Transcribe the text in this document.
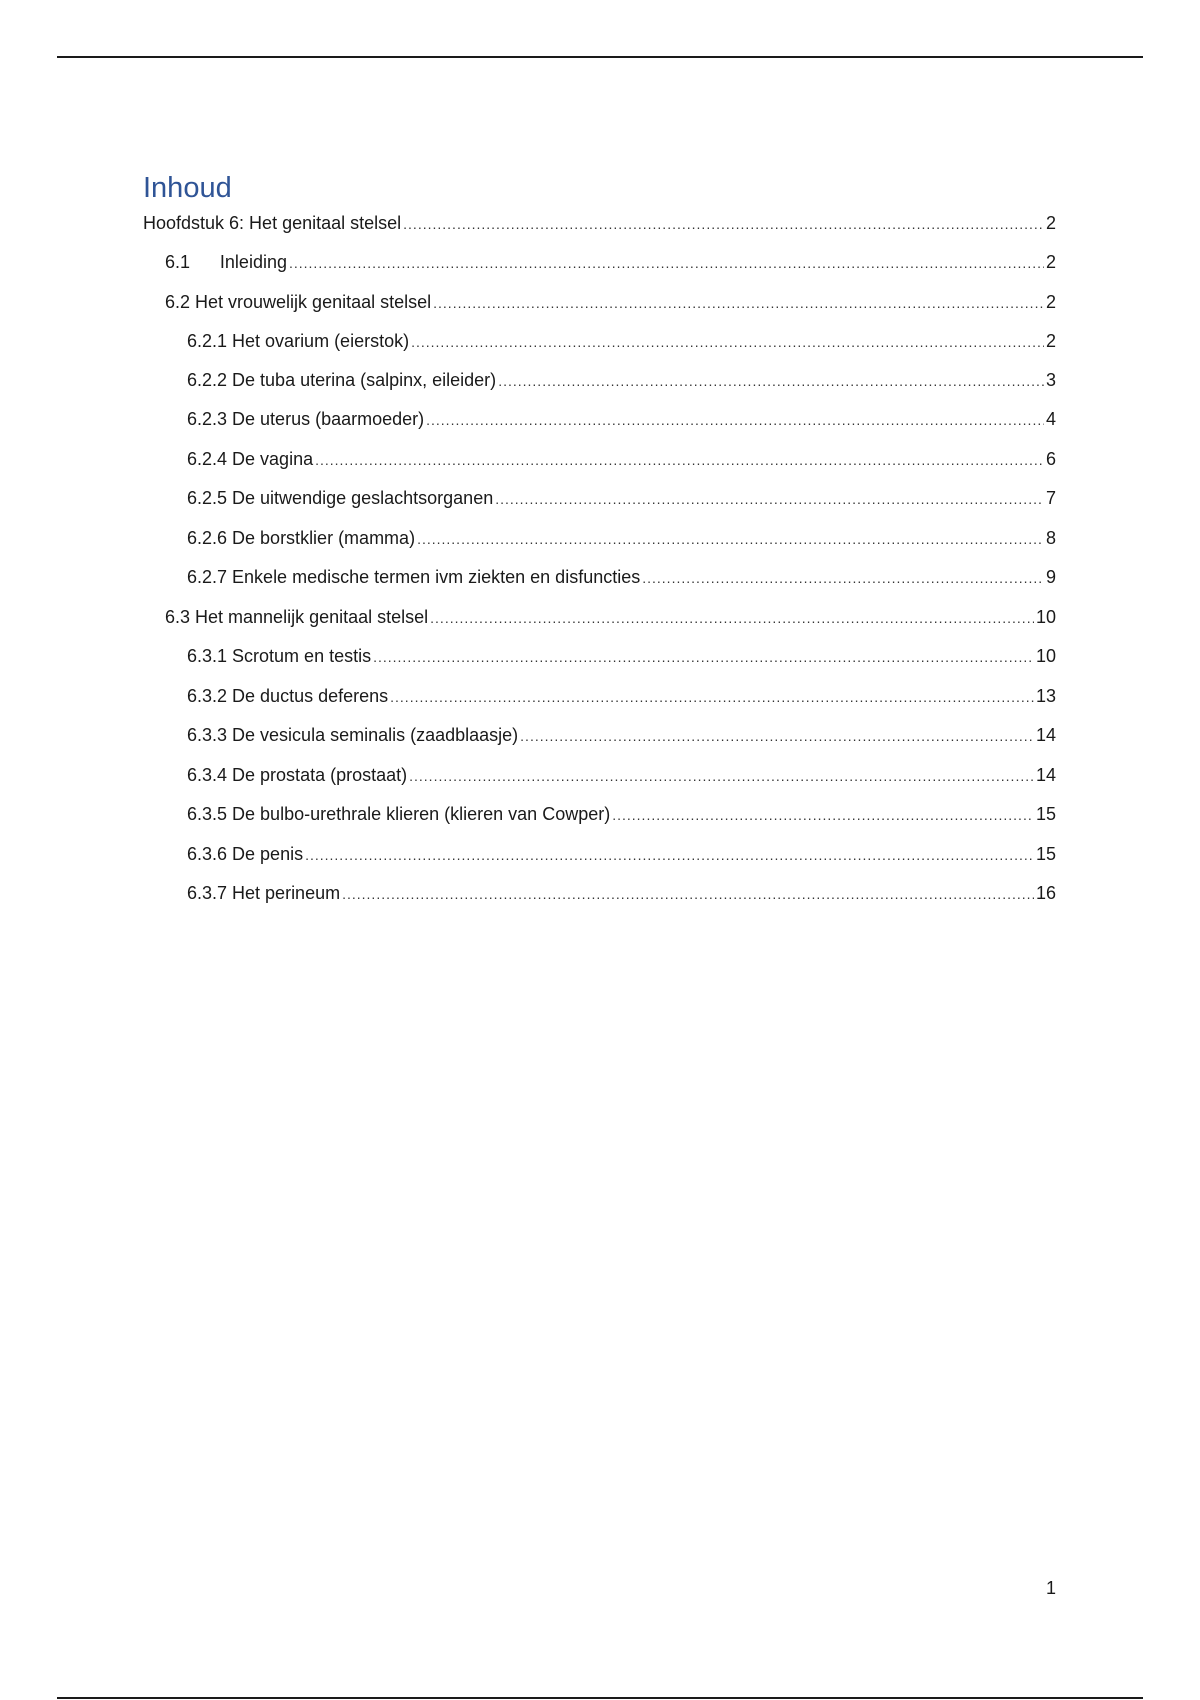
Inhoud
Hoofdstuk 6: Het genitaal stelsel .....	2
6.1 Inleiding .....	2
6.2 Het vrouwelijk genitaal stelsel .....	2
6.2.1 Het ovarium (eierstok) .....	2
6.2.2 De tuba uterina (salpinx, eileider) .....	3
6.2.3 De uterus (baarmoeder) .....	4
6.2.4 De vagina .....	6
6.2.5 De uitwendige geslachtsorganen .....	7
6.2.6 De borstklier (mamma) .....	8
6.2.7 Enkele medische termen ivm ziekten en disfuncties .....	9
6.3 Het mannelijk genitaal stelsel .....	10
6.3.1 Scrotum en testis .....	10
6.3.2 De ductus deferens .....	13
6.3.3 De vesicula seminalis (zaadblaasje) .....	14
6.3.4 De prostata (prostaat) .....	14
6.3.5 De bulbo-urethrale klieren (klieren van Cowper) .....	15
6.3.6 De penis .....	15
6.3.7 Het perineum .....	16
1
